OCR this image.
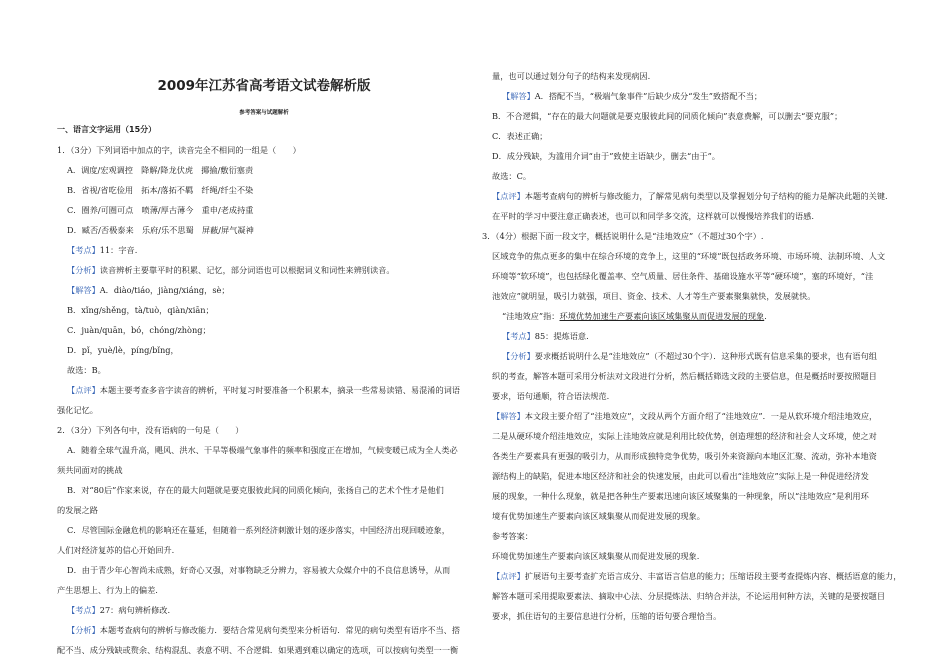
2009年江苏省高考语文试卷解析版

参考答案与试题解析

一、语言文字运用（15分）

1．（3分）下列词语中加点的字，读音完全不相同的一组是（　　）

A．调度/宏观调控　降解/降龙伏虎　揶揄/敷衍塞责

B．省视/省吃俭用　拓本/落拓不羁　纤绳/纤尘不染

C．圈养/可圈可点　喷薄/厚古薄今　重申/老成持重

D．臧否/否极泰来　乐府/乐不思蜀　屏蔽/屏气凝神

【考点】11：字音.

【分析】读音辨析主要靠平时的积累、记忆，部分词语也可以根据词义和词性来辨别读音。

【解答】A．diào/tiáo，jiàng/xiáng，sè；

B．xǐng/shěng，tà/tuò，qiàn/xiān；

C．juàn/quān，bó，chóng/zhòng；

D．pǐ，yuè/lè，píng/bǐng，

故选：B。

【点评】本题主要考查多音字读音的辨析，平时复习时要准备一个积累本，摘录一些常易读错、易混淆的词语

强化记忆。

2．（3分）下列各句中，没有语病的一句是（　　）

A．随着全球气温升高，飓风、洪水、干旱等极端气象事件的频率和强度正在增加，气候变暖已成为全人类必

须共同面对的挑战

B．对“80后”作家来说，存在的最大问题就是要克服彼此间的同质化倾向，张扬自己的艺术个性才是他们

的发展之路

C．尽管国际金融危机的影响还在蔓延，但随着一系列经济刺激计划的逐步落实，中国经济出现回暖迹象，

人们对经济复苏的信心开始回升.

D．由于青少年心智尚未成熟，好奇心又强，对事物缺乏分辨力，容易被大众媒介中的不良信息诱导，从而

产生思想上、行为上的偏差.

【考点】27：病句辨析修改.

【分析】本题考查病句的辨析与修改能力．要结合常见病句类型来分析语句．常见的病句类型有语序不当、搭

配不当、成分残缺或赘余、结构混乱、表意不明、不合逻辑．如果遇到难以确定的选项，可以按病句类型一一衡

量，也可以通过划分句子的结构来发现病因.

【解答】A．搭配不当，“极端气象事件”后缺少成分“发生”致搭配不当；

B．不合逻辑，“存在的最大问题就是要克服彼此间的同质化倾向”表意费解，可以删去“要克服”；

C．表述正确；

D．成分残缺，为滥用介词“由于”致使主语缺少，删去“由于”。

故选：C。

【点评】本题考查病句的辨析与修改能力，了解常见病句类型以及掌握划分句子结构的能力是解决此题的关键.

在平时的学习中要注意正确表述，也可以和同学多交流，这样就可以慢慢培养我们的语感.

3．（4分）根据下面一段文字，概括说明什么是“洼地效应”（不超过30个字）.

区域竞争的焦点更多的集中在综合环境的竞争上，这里的“环境”既包括政务环境、市场环境、法制环境、人文

环境等“软环境”，也包括绿化覆盖率、空气质量、居住条件、基础设施水平等“硬环境”，塞的环境好，“洼

池效应”就明显，吸引力就强，项目、资金、技术、人才等生产要素聚集就快，发展就快。

“洼地效应”指：环境优势加速生产要素向该区域集聚从而促进发展的现象．

【考点】85：提炼语意.

【分析】要求概括说明什么是“洼地效应”（不超过30个字）．这种形式既有信息采集的要求，也有语句组

织的考查，解答本题可采用分析法对文段进行分析，然后概括筛选文段的主要信息，但是概括时要按照题目

要求，语句通顺，符合语法规范.

【解答】本文段主要介绍了“洼地效应”，文段从两个方面介绍了“洼地效应”．一是从软环境介绍洼地效应，

二是从硬环境介绍洼地效应，实际上洼地效应就是利用比较优势，创造理想的经济和社会人文环境，使之对

各类生产要素具有更强的吸引力，从而形成独特竞争优势，吸引外来资源向本地区汇聚、流动，弥补本地资

源结构上的缺陷，促进本地区经济和社会的快速发展，由此可以看出“洼地效应”实际上是一种促进经济发

展的现象，一种什么现象，就是把各种生产要素迅速向该区域聚集的一种现象，所以“洼地效应”是利用环

境有优势加速生产要素向该区域集聚从而促进发展的现象。

参考答案：

环境优势加速生产要素向该区域集聚从而促进发展的现象.

【点评】扩展语句主要考查扩充语言成分、丰富语言信息的能力；压缩语段主要考查提炼内容、概括语意的能力，

解答本题可采用提取要素法、摘取中心法、分层提炼法、归纳合并法，不论运用何种方法，关键的是要按题目

要求，抓住语句的主要信息进行分析，压缩的语句要合理恰当。
